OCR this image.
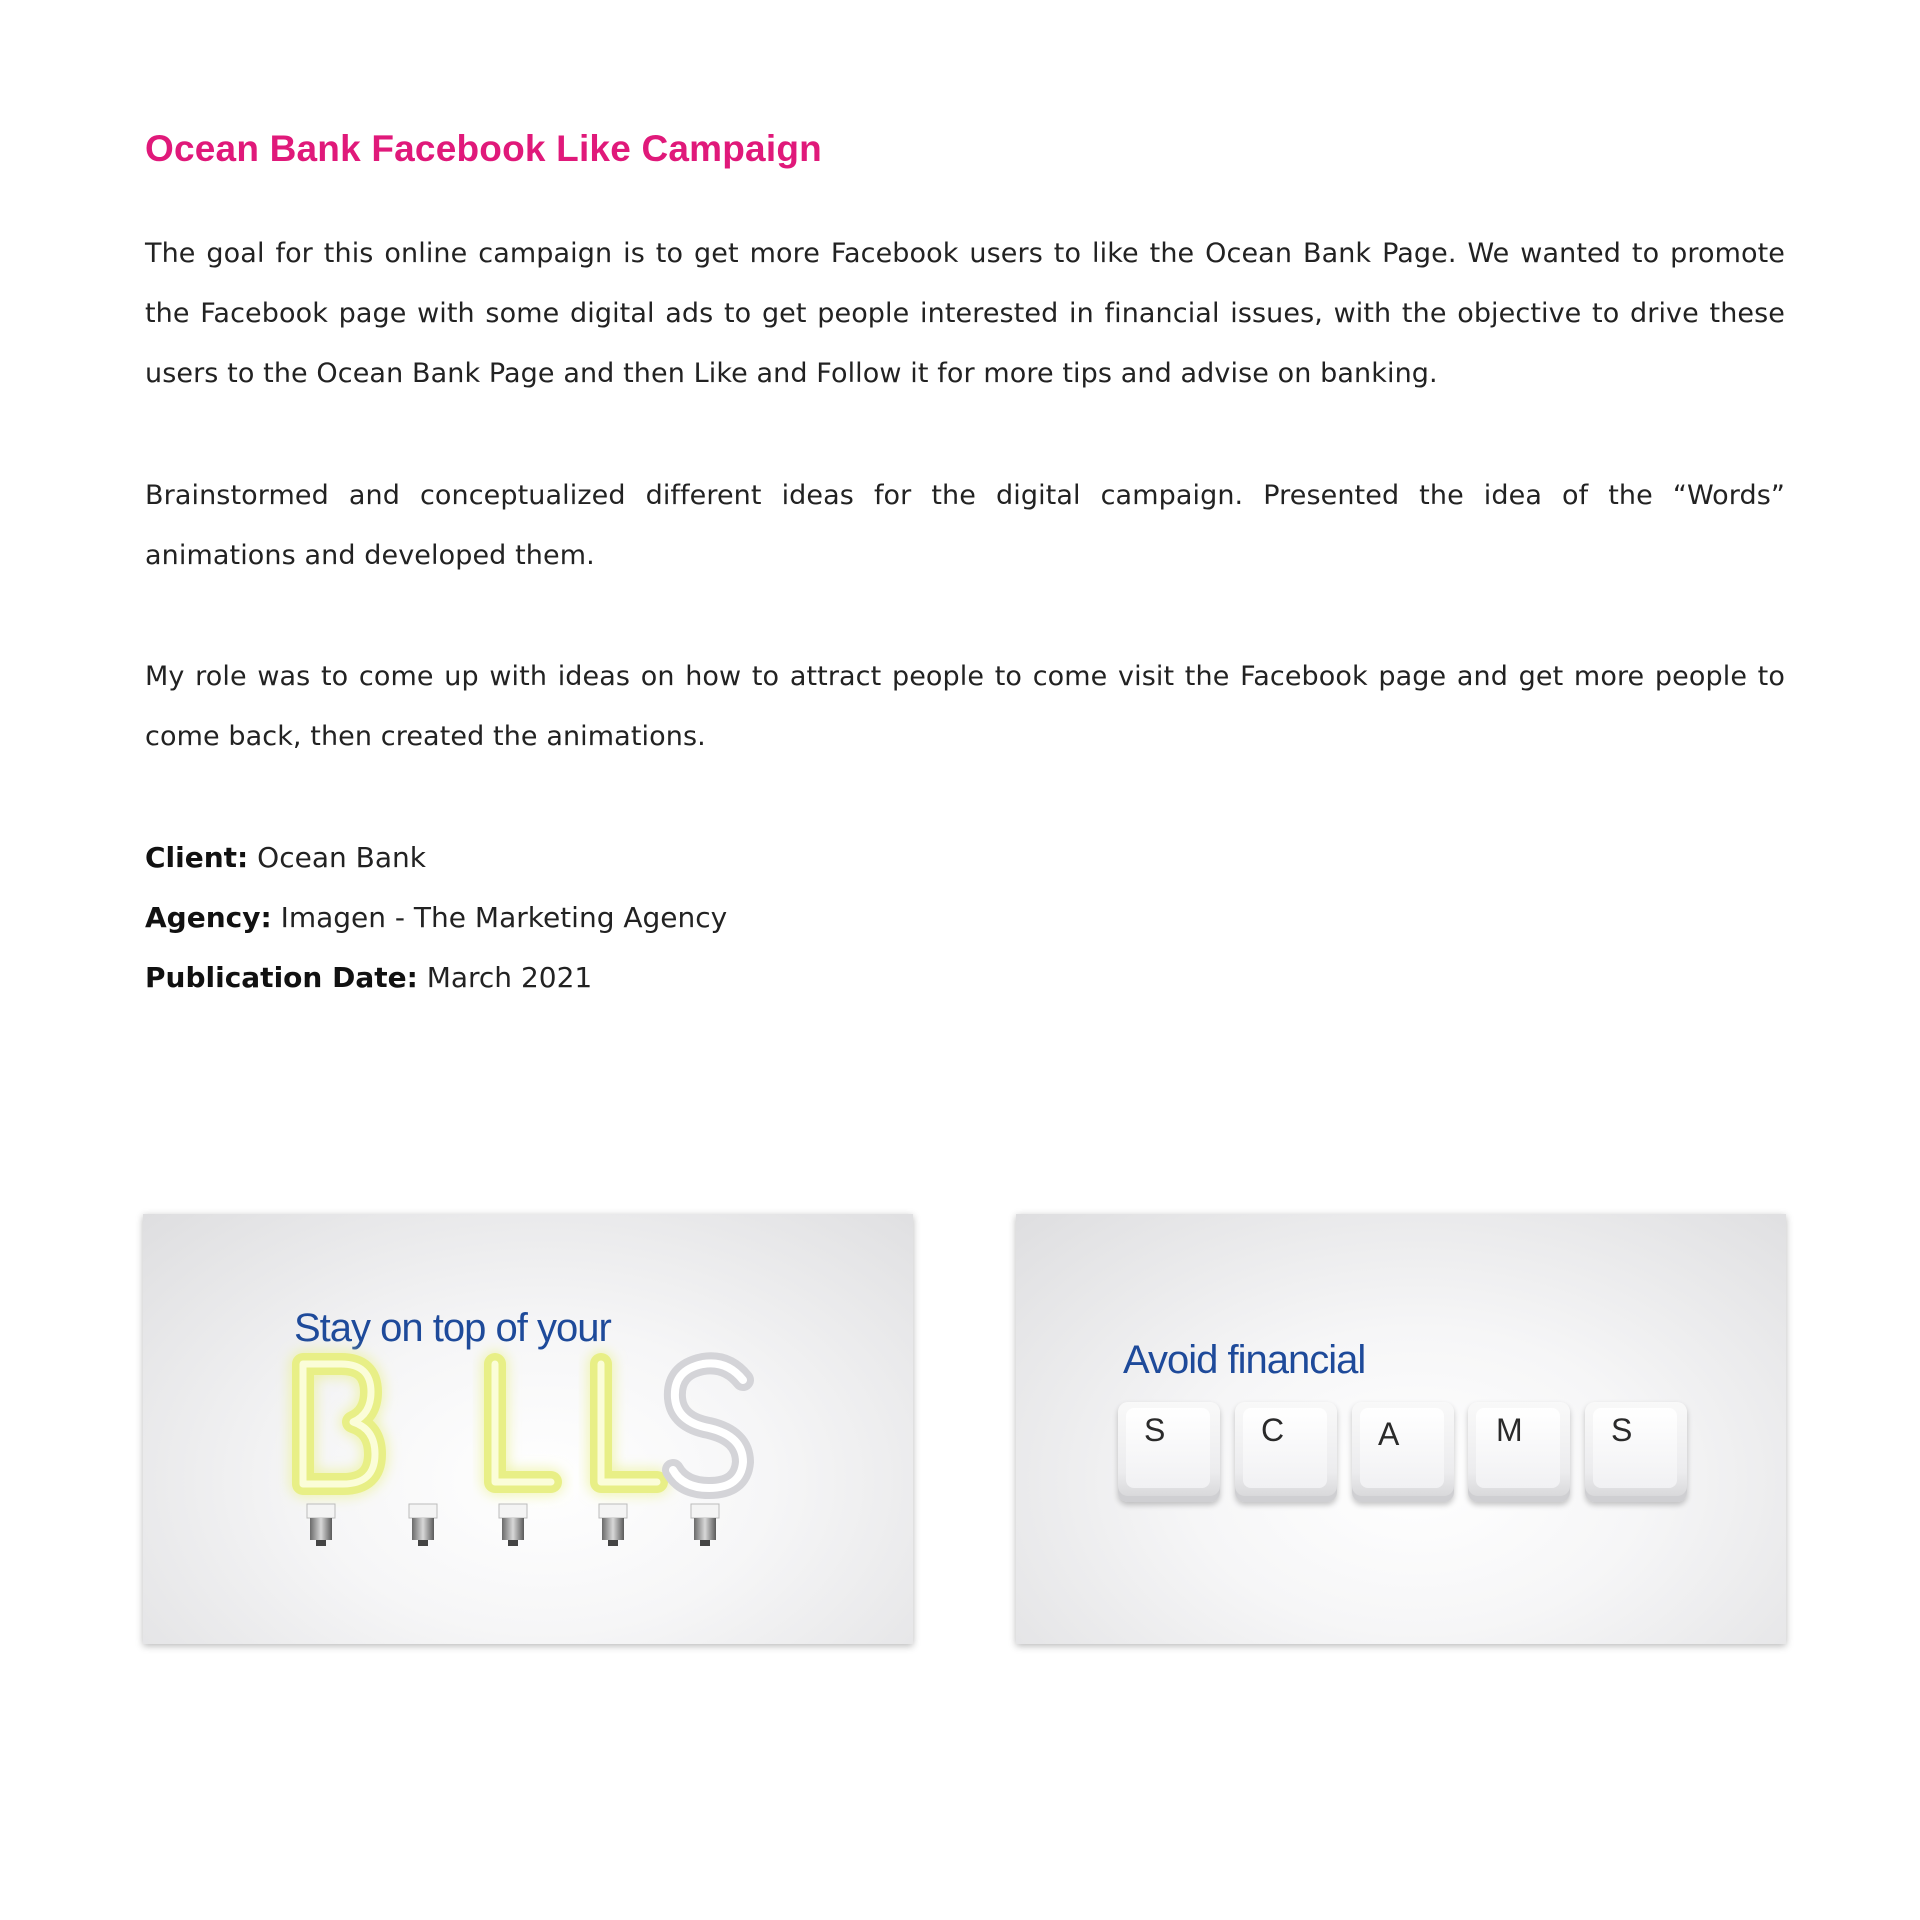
Ocean Bank Facebook Like Campaign

The goal for this online campaign is to get more Facebook users to like the Ocean Bank Page. We wanted to promote the Facebook page with some digital ads to get people interested in financial issues, with the objective to drive these users to the Ocean Bank Page and then Like and Follow it for more tips and advise on banking.

Brainstormed and conceptualized different ideas for the digital campaign. Presented the idea of the “Words” animations and developed them.

My role was to come up with ideas on how to attract people to come visit the Facebook page and get more people to come back, then created the animations.

Client: Ocean Bank
Agency: Imagen - The Marketing Agency
Publication Date: March 2021
Stay on top of your
Avoid financial
S	C	A	M	S
